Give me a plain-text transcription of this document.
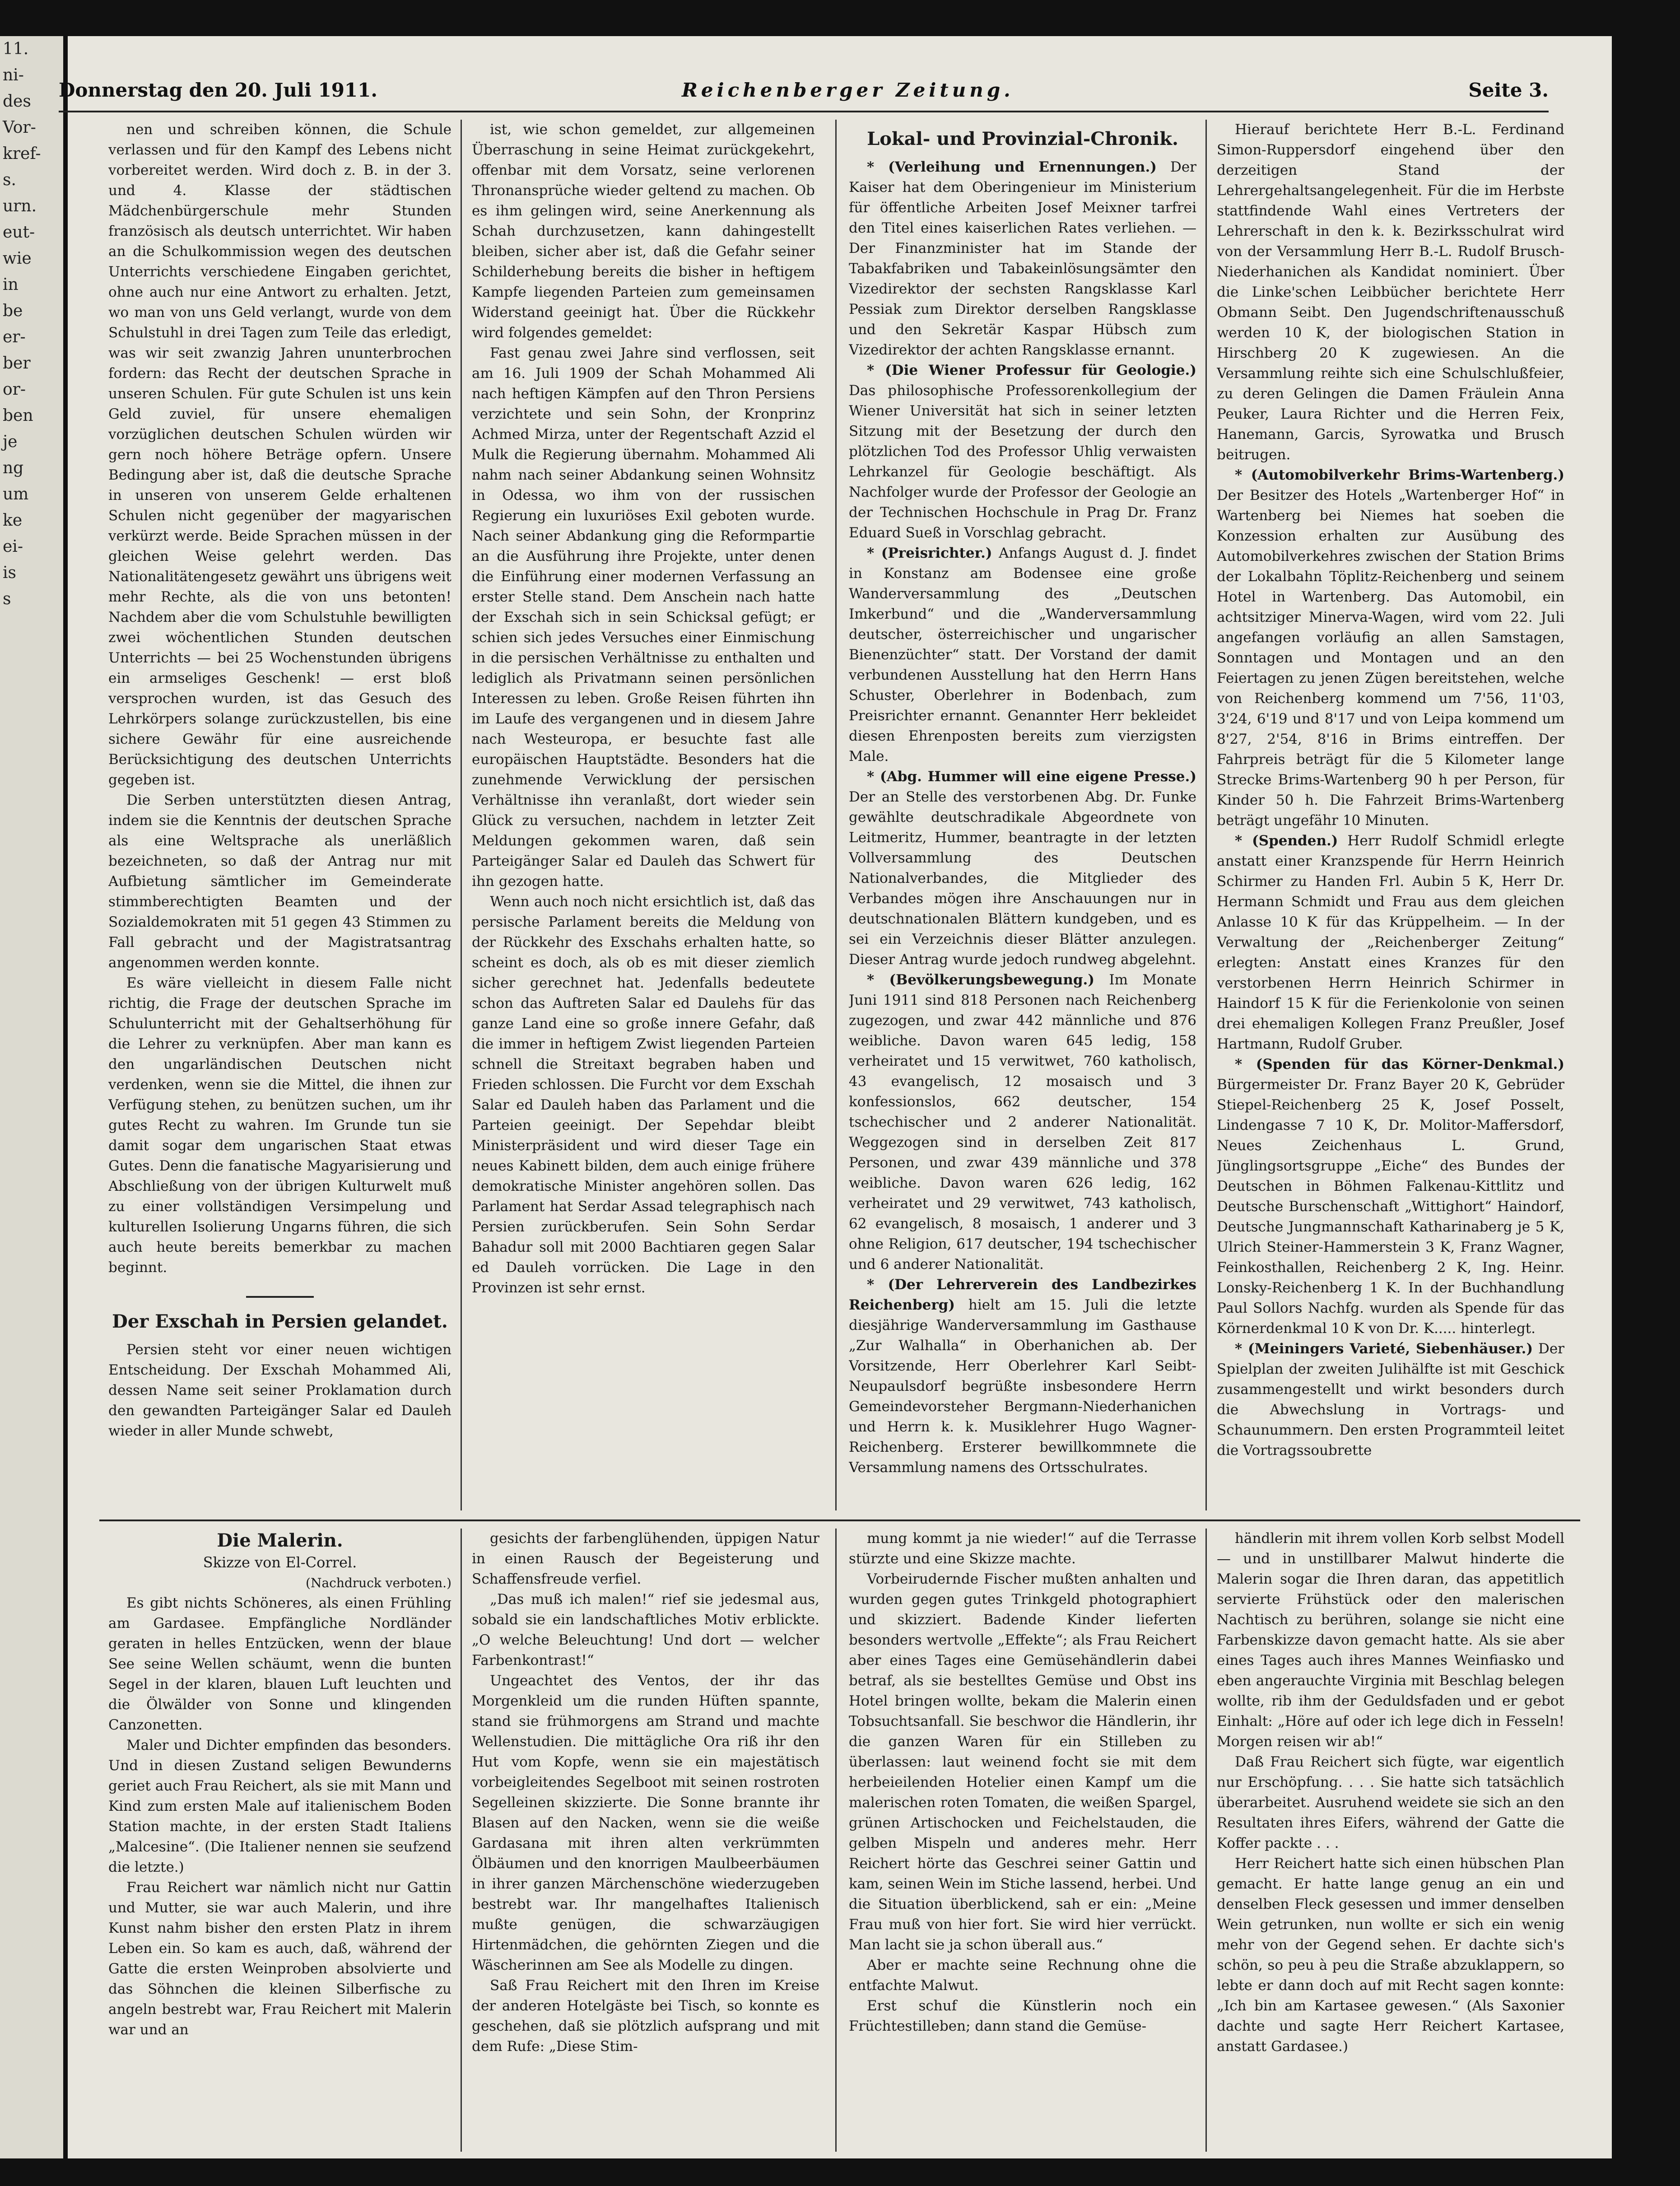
11.
ni-
des
Vor-
kref-
s.
urn.
eut-
wie
in
be
er-
ber
or-
ben
je
ng
um
ke
ei-
is
s
Donnerstag den 20. Juli 1911.	Reichenberger Zeitung.	Seite 3.

nen und schreiben können, die Schule verlassen und für den Kampf des Lebens nicht vorbereitet werden. Wird doch z. B. in der 3. und 4. Klasse der städtischen Mädchenbürgerschule mehr Stunden französisch als deutsch unterrichtet. Wir haben an die Schulkommission wegen des deutschen Unterrichts verschiedene Eingaben gerichtet, ohne auch nur eine Antwort zu erhalten. Jetzt, wo man von uns Geld verlangt, wurde von dem Schulstuhl in drei Tagen zum Teile das erledigt, was wir seit zwanzig Jahren ununterbrochen fordern: das Recht der deutschen Sprache in unseren Schulen. Für gute Schulen ist uns kein Geld zuviel, für unsere ehemaligen vorzüglichen deutschen Schulen würden wir gern noch höhere Beträge opfern. Unsere Bedingung aber ist, daß die deutsche Sprache in unseren von unserem Gelde erhaltenen Schulen nicht gegenüber der magyarischen verkürzt werde. Beide Sprachen müssen in der gleichen Weise gelehrt werden. Das Nationalitätengesetz gewährt uns übrigens weit mehr Rechte, als die von uns betonten! Nachdem aber die vom Schulstuhle bewilligten zwei wöchentlichen Stunden deutschen Unterrichts — bei 25 Wochenstunden übrigens ein armseliges Geschenk! — erst bloß versprochen wurden, ist das Gesuch des Lehrkörpers solange zurückzustellen, bis eine sichere Gewähr für eine ausreichende Berücksichtigung des deutschen Unterrichts gegeben ist.

Die Serben unterstützten diesen Antrag, indem sie die Kenntnis der deutschen Sprache als eine Weltsprache als unerläßlich bezeichneten, so daß der Antrag nur mit Aufbietung sämtlicher im Gemeinderate stimmberechtigten Beamten und der Sozialdemokraten mit 51 gegen 43 Stimmen zu Fall gebracht und der Magistratsantrag angenommen werden konnte.

Es wäre vielleicht in diesem Falle nicht richtig, die Frage der deutschen Sprache im Schulunterricht mit der Gehaltserhöhung für die Lehrer zu verknüpfen. Aber man kann es den ungarländischen Deutschen nicht verdenken, wenn sie die Mittel, die ihnen zur Verfügung stehen, zu benützen suchen, um ihr gutes Recht zu wahren. Im Grunde tun sie damit sogar dem ungarischen Staat etwas Gutes. Denn die fanatische Magyarisierung und Abschließung von der übrigen Kulturwelt muß zu einer vollständigen Versimpelung und kulturellen Isolierung Ungarns führen, die sich auch heute bereits bemerkbar zu machen beginnt.

Der Exschah in Persien gelandet.

Persien steht vor einer neuen wichtigen Entscheidung. Der Exschah Mohammed Ali, dessen Name seit seiner Proklamation durch den gewandten Parteigänger Salar ed Dauleh wieder in aller Munde schwebt,

ist, wie schon gemeldet, zur allgemeinen Überraschung in seine Heimat zurückgekehrt, offenbar mit dem Vorsatz, seine verlorenen Thronansprüche wieder geltend zu machen. Ob es ihm gelingen wird, seine Anerkennung als Schah durchzusetzen, kann dahingestellt bleiben, sicher aber ist, daß die Gefahr seiner Schilderhebung bereits die bisher in heftigem Kampfe liegenden Parteien zum gemeinsamen Widerstand geeinigt hat. Über die Rückkehr wird folgendes gemeldet:

Fast genau zwei Jahre sind verflossen, seit am 16. Juli 1909 der Schah Mohammed Ali nach heftigen Kämpfen auf den Thron Persiens verzichtete und sein Sohn, der Kronprinz Achmed Mirza, unter der Regentschaft Azzid el Mulk die Regierung übernahm. Mohammed Ali nahm nach seiner Abdankung seinen Wohnsitz in Odessa, wo ihm von der russischen Regierung ein luxuriöses Exil geboten wurde. Nach seiner Abdankung ging die Reformpartie an die Ausführung ihre Projekte, unter denen die Einführung einer modernen Verfassung an erster Stelle stand. Dem Anschein nach hatte der Exschah sich in sein Schicksal gefügt; er schien sich jedes Versuches einer Einmischung in die persischen Verhältnisse zu enthalten und lediglich als Privatmann seinen persönlichen Interessen zu leben. Große Reisen führten ihn im Laufe des vergangenen und in diesem Jahre nach Westeuropa, er besuchte fast alle europäischen Hauptstädte. Besonders hat die zunehmende Verwicklung der persischen Verhältnisse ihn veranlaßt, dort wieder sein Glück zu versuchen, nachdem in letzter Zeit Meldungen gekommen waren, daß sein Parteigänger Salar ed Dauleh das Schwert für ihn gezogen hatte.

Wenn auch noch nicht ersichtlich ist, daß das persische Parlament bereits die Meldung von der Rückkehr des Exschahs erhalten hatte, so scheint es doch, als ob es mit dieser ziemlich sicher gerechnet hat. Jedenfalls bedeutete schon das Auftreten Salar ed Daulehs für das ganze Land eine so große innere Gefahr, daß die immer in heftigem Zwist liegenden Parteien schnell die Streitaxt begraben haben und Frieden schlossen. Die Furcht vor dem Exschah Salar ed Dauleh haben das Parlament und die Parteien geeinigt. Der Sepehdar bleibt Ministerpräsident und wird dieser Tage ein neues Kabinett bilden, dem auch einige frühere demokratische Minister angehören sollen. Das Parlament hat Serdar Assad telegraphisch nach Persien zurückberufen. Sein Sohn Serdar Bahadur soll mit 2000 Bachtiaren gegen Salar ed Dauleh vorrücken. Die Lage in den Provinzen ist sehr ernst.

Lokal- und Provinzial-Chronik.

* (Verleihung und Ernennungen.) Der Kaiser hat dem Oberingenieur im Ministerium für öffentliche Arbeiten Josef Meixner tarfrei den Titel eines kaiserlichen Rates verliehen. — Der Finanzminister hat im Stande der Tabakfabriken und Tabakeinlösungsämter den Vizedirektor der sechsten Rangsklasse Karl Pessiak zum Direktor derselben Rangsklasse und den Sekretär Kaspar Hübsch zum Vizedirektor der achten Rangsklasse ernannt.

* (Die Wiener Professur für Geologie.) Das philosophische Professorenkollegium der Wiener Universität hat sich in seiner letzten Sitzung mit der Besetzung der durch den plötzlichen Tod des Professor Uhlig verwaisten Lehrkanzel für Geologie beschäftigt. Als Nachfolger wurde der Professor der Geologie an der Technischen Hochschule in Prag Dr. Franz Eduard Sueß in Vorschlag gebracht.

* (Preisrichter.) Anfangs August d. J. findet in Konstanz am Bodensee eine große Wanderversammlung des „Deutschen Imkerbund“ und die „Wanderversammlung deutscher, österreichischer und ungarischer Bienenzüchter“ statt. Der Vorstand der damit verbundenen Ausstellung hat den Herrn Hans Schuster, Oberlehrer in Bodenbach, zum Preisrichter ernannt. Genannter Herr bekleidet diesen Ehrenposten bereits zum vierzigsten Male.

* (Abg. Hummer will eine eigene Presse.) Der an Stelle des verstorbenen Abg. Dr. Funke gewählte deutschradikale Abgeordnete von Leitmeritz, Hummer, beantragte in der letzten Vollversammlung des Deutschen Nationalverbandes, die Mitglieder des Verbandes mögen ihre Anschauungen nur in deutschnationalen Blättern kundgeben, und es sei ein Verzeichnis dieser Blätter anzulegen. Dieser Antrag wurde jedoch rundweg abgelehnt.

* (Bevölkerungsbewegung.) Im Monate Juni 1911 sind 818 Personen nach Reichenberg zugezogen, und zwar 442 männliche und 876 weibliche. Davon waren 645 ledig, 158 verheiratet und 15 verwitwet, 760 katholisch, 43 evangelisch, 12 mosaisch und 3 konfessionslos, 662 deutscher, 154 tschechischer und 2 anderer Nationalität. Weggezogen sind in derselben Zeit 817 Personen, und zwar 439 männliche und 378 weibliche. Davon waren 626 ledig, 162 verheiratet und 29 verwitwet, 743 katholisch, 62 evangelisch, 8 mosaisch, 1 anderer und 3 ohne Religion, 617 deutscher, 194 tschechischer und 6 anderer Nationalität.

* (Der Lehrerverein des Landbezirkes Reichenberg) hielt am 15. Juli die letzte diesjährige Wanderversammlung im Gasthause „Zur Walhalla“ in Oberhanichen ab. Der Vorsitzende, Herr Oberlehrer Karl Seibt-Neupaulsdorf begrüßte insbesondere Herrn Gemeindevorsteher Bergmann-Niederhanichen und Herrn k. k. Musiklehrer Hugo Wagner-Reichenberg. Ersterer bewillkommnete die Versammlung namens des Ortsschulrates.

Hierauf berichtete Herr B.-L. Ferdinand Simon-Ruppersdorf eingehend über den derzeitigen Stand der Lehrergehaltsangelegenheit. Für die im Herbste stattfindende Wahl eines Vertreters der Lehrerschaft in den k. k. Bezirksschulrat wird von der Versammlung Herr B.-L. Rudolf Brusch-Niederhanichen als Kandidat nominiert. Über die Linke'schen Leibbücher berichtete Herr Obmann Seibt. Den Jugendschriftenausschuß werden 10 K, der biologischen Station in Hirschberg 20 K zugewiesen. An die Versammlung reihte sich eine Schulschlußfeier, zu deren Gelingen die Damen Fräulein Anna Peuker, Laura Richter und die Herren Feix, Hanemann, Garcis, Syrowatka und Brusch beitrugen.

* (Automobilverkehr Brims-Wartenberg.) Der Besitzer des Hotels „Wartenberger Hof“ in Wartenberg bei Niemes hat soeben die Konzession erhalten zur Ausübung des Automobilverkehres zwischen der Station Brims der Lokalbahn Töplitz-Reichenberg und seinem Hotel in Wartenberg. Das Automobil, ein achtsitziger Minerva-Wagen, wird vom 22. Juli angefangen vorläufig an allen Samstagen, Sonntagen und Montagen und an den Feiertagen zu jenen Zügen bereitstehen, welche von Reichenberg kommend um 7'56, 11'03, 3'24, 6'19 und 8'17 und von Leipa kommend um 8'27, 2'54, 8'16 in Brims eintreffen. Der Fahrpreis beträgt für die 5 Kilometer lange Strecke Brims-Wartenberg 90 h per Person, für Kinder 50 h. Die Fahrzeit Brims-Wartenberg beträgt ungefähr 10 Minuten.

* (Spenden.) Herr Rudolf Schmidl erlegte anstatt einer Kranzspende für Herrn Heinrich Schirmer zu Handen Frl. Aubin 5 K, Herr Dr. Hermann Schmidt und Frau aus dem gleichen Anlasse 10 K für das Krüppelheim. — In der Verwaltung der „Reichenberger Zeitung“ erlegten: Anstatt eines Kranzes für den verstorbenen Herrn Heinrich Schirmer in Haindorf 15 K für die Ferienkolonie von seinen drei ehemaligen Kollegen Franz Preußler, Josef Hartmann, Rudolf Gruber.

* (Spenden für das Körner-Denkmal.) Bürgermeister Dr. Franz Bayer 20 K, Gebrüder Stiepel-Reichenberg 25 K, Josef Posselt, Lindengasse 7 10 K, Dr. Molitor-Maffersdorf, Neues Zeichenhaus L. Grund, Jünglingsortsgruppe „Eiche“ des Bundes der Deutschen in Böhmen Falkenau-Kittlitz und Deutsche Burschenschaft „Wittighort“ Haindorf, Deutsche Jungmannschaft Katharinaberg je 5 K, Ulrich Steiner-Hammerstein 3 K, Franz Wagner, Feinkosthallen, Reichenberg 2 K, Ing. Heinr. Lonsky-Reichenberg 1 K. In der Buchhandlung Paul Sollors Nachfg. wurden als Spende für das Körnerdenkmal 10 K von Dr. K..... hinterlegt.

* (Meiningers Varieté, Siebenhäuser.) Der Spielplan der zweiten Julihälfte ist mit Geschick zusammengestellt und wirkt besonders durch die Abwechslung in Vortrags- und Schaunummern. Den ersten Programmteil leitet die Vortragssoubrette

Die Malerin.

Skizze von El-Correl.

(Nachdruck verboten.)

Es gibt nichts Schöneres, als einen Frühling am Gardasee. Empfängliche Nordländer geraten in helles Entzücken, wenn der blaue See seine Wellen schäumt, wenn die bunten Segel in der klaren, blauen Luft leuchten und die Ölwälder von Sonne und klingenden Canzonetten.

Maler und Dichter empfinden das besonders. Und in diesen Zustand seligen Bewunderns geriet auch Frau Reichert, als sie mit Mann und Kind zum ersten Male auf italienischem Boden Station machte, in der ersten Stadt Italiens „Malcesine“. (Die Italiener nennen sie seufzend die letzte.)

Frau Reichert war nämlich nicht nur Gattin und Mutter, sie war auch Malerin, und ihre Kunst nahm bisher den ersten Platz in ihrem Leben ein. So kam es auch, daß, während der Gatte die ersten Weinproben absolvierte und das Söhnchen die kleinen Silberfische zu angeln bestrebt war, Frau Reichert mit Malerin war und an

gesichts der farbenglühenden, üppigen Natur in einen Rausch der Begeisterung und Schaffensfreude verfiel.

„Das muß ich malen!“ rief sie jedesmal aus, sobald sie ein landschaftliches Motiv erblickte. „O welche Beleuchtung! Und dort — welcher Farbenkontrast!“

Ungeachtet des Ventos, der ihr das Morgenkleid um die runden Hüften spannte, stand sie frühmorgens am Strand und machte Wellenstudien. Die mittägliche Ora riß ihr den Hut vom Kopfe, wenn sie ein majestätisch vorbeigleitendes Segelboot mit seinen rostroten Segelleinen skizzierte. Die Sonne brannte ihr Blasen auf den Nacken, wenn sie die weiße Gardasana mit ihren alten verkrümmten Ölbäumen und den knorrigen Maulbeerbäumen in ihrer ganzen Märchenschöne wiederzugeben bestrebt war. Ihr mangelhaftes Italienisch mußte genügen, die schwarzäugigen Hirtenmädchen, die gehörnten Ziegen und die Wäscherinnen am See als Modelle zu dingen.

Saß Frau Reichert mit den Ihren im Kreise der anderen Hotelgäste bei Tisch, so konnte es geschehen, daß sie plötzlich aufsprang und mit dem Rufe: „Diese Stim-

mung kommt ja nie wieder!“ auf die Terrasse stürzte und eine Skizze machte.

Vorbeirudernde Fischer mußten anhalten und wurden gegen gutes Trinkgeld photographiert und skizziert. Badende Kinder lieferten besonders wertvolle „Effekte“; als Frau Reichert aber eines Tages eine Gemüsehändlerin dabei betraf, als sie bestelltes Gemüse und Obst ins Hotel bringen wollte, bekam die Malerin einen Tobsuchtsanfall. Sie beschwor die Händlerin, ihr die ganzen Waren für ein Stilleben zu überlassen: laut weinend focht sie mit dem herbeieilenden Hotelier einen Kampf um die malerischen roten Tomaten, die weißen Spargel, grünen Artischocken und Feichelstauden, die gelben Mispeln und anderes mehr. Herr Reichert hörte das Geschrei seiner Gattin und kam, seinen Wein im Stiche lassend, herbei. Und die Situation überblickend, sah er ein: „Meine Frau muß von hier fort. Sie wird hier verrückt. Man lacht sie ja schon überall aus.“

Aber er machte seine Rechnung ohne die entfachte Malwut.

Erst schuf die Künstlerin noch ein Früchtestilleben; dann stand die Gemüse-

händlerin mit ihrem vollen Korb selbst Modell — und in unstillbarer Malwut hinderte die Malerin sogar die Ihren daran, das appetitlich servierte Frühstück oder den malerischen Nachtisch zu berühren, solange sie nicht eine Farbenskizze davon gemacht hatte. Als sie aber eines Tages auch ihres Mannes Weinfiasko und eben angerauchte Virginia mit Beschlag belegen wollte, rib ihm der Geduldsfaden und er gebot Einhalt: „Höre auf oder ich lege dich in Fesseln! Morgen reisen wir ab!“

Daß Frau Reichert sich fügte, war eigentlich nur Erschöpfung. . . . Sie hatte sich tatsächlich überarbeitet. Ausruhend weidete sie sich an den Resultaten ihres Eifers, während der Gatte die Koffer packte . . .

Herr Reichert hatte sich einen hübschen Plan gemacht. Er hatte lange genug an ein und denselben Fleck gesessen und immer denselben Wein getrunken, nun wollte er sich ein wenig mehr von der Gegend sehen. Er dachte sich's schön, so peu à peu die Straße abzuklappern, so lebte er dann doch auf mit Recht sagen konnte: „Ich bin am Kartasee gewesen.“ (Als Saxonier dachte und sagte Herr Reichert Kartasee, anstatt Gardasee.)
